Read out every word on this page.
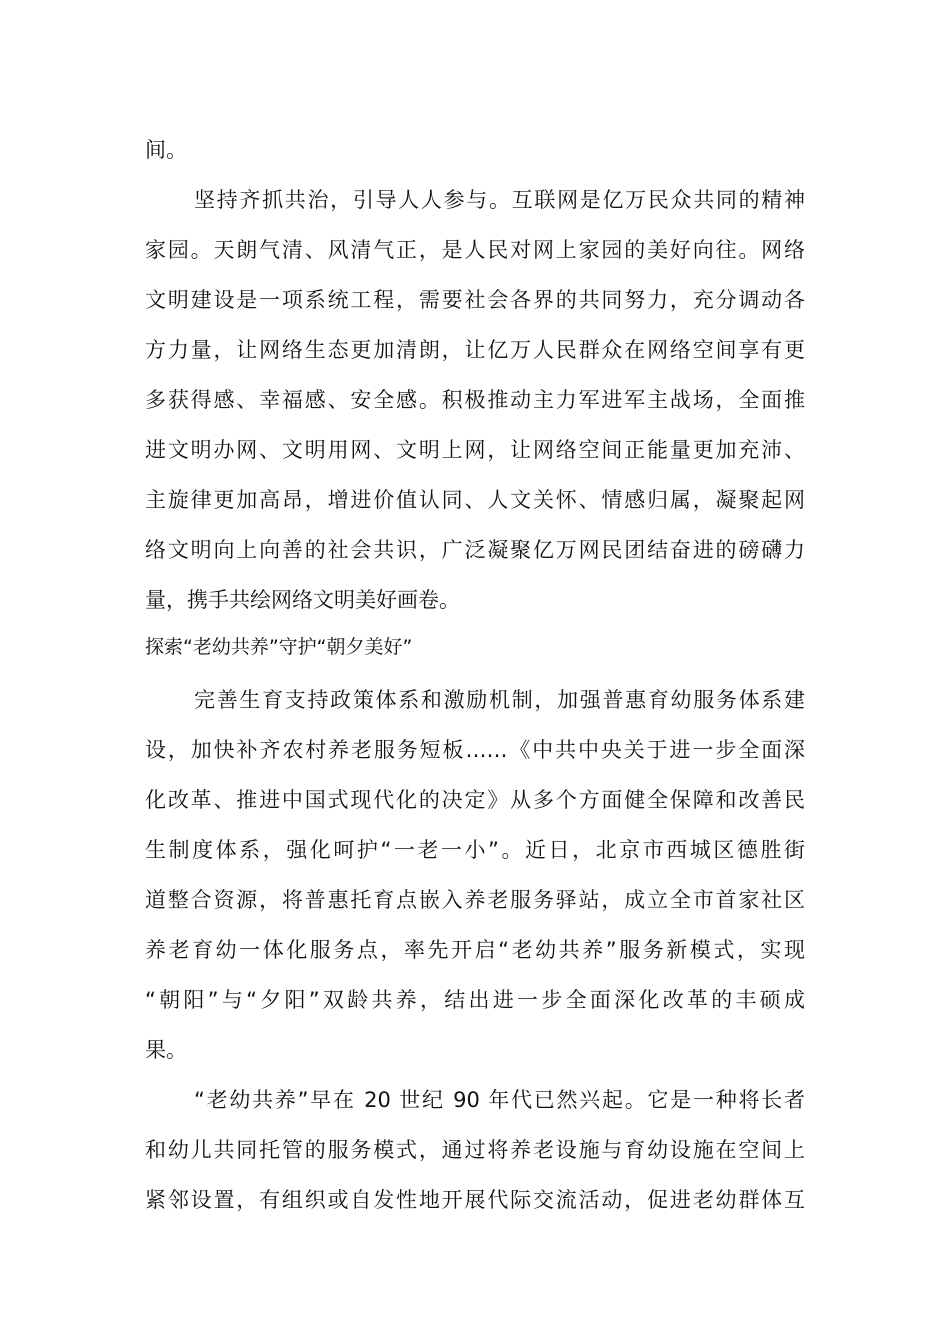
间。
坚持齐抓共治，引导人人参与。互联网是亿万民众共同的精神
家园。天朗气清、风清气正，是人民对网上家园的美好向往。网络
文明建设是一项系统工程，需要社会各界的共同努力，充分调动各
方力量，让网络生态更加清朗，让亿万人民群众在网络空间享有更
多获得感、幸福感、安全感。积极推动主力军进军主战场，全面推
进文明办网、文明用网、文明上网，让网络空间正能量更加充沛、
主旋律更加高昂，增进价值认同、人文关怀、情感归属，凝聚起网
络文明向上向善的社会共识，广泛凝聚亿万网民团结奋进的磅礴力
量，携手共绘网络文明美好画卷。
探索“老幼共养”守护“朝夕美好”
完善生育支持政策体系和激励机制，加强普惠育幼服务体系建
设，加快补齐农村养老服务短板……《中共中央关于进一步全面深
化改革、推进中国式现代化的决定》从多个方面健全保障和改善民
生制度体系，强化呵护“一老一小”。近日，北京市西城区德胜街
道整合资源，将普惠托育点嵌入养老服务驿站，成立全市首家社区
养老育幼一体化服务点，率先开启“老幼共养”服务新模式，实现
“朝阳”与“夕阳”双龄共养，结出进一步全面深化改革的丰硕成
果。
“老幼共养”早在 20 世纪 90 年代已然兴起。它是一种将长者
和幼儿共同托管的服务模式，通过将养老设施与育幼设施在空间上
紧邻设置，有组织或自发性地开展代际交流活动，促进老幼群体互
